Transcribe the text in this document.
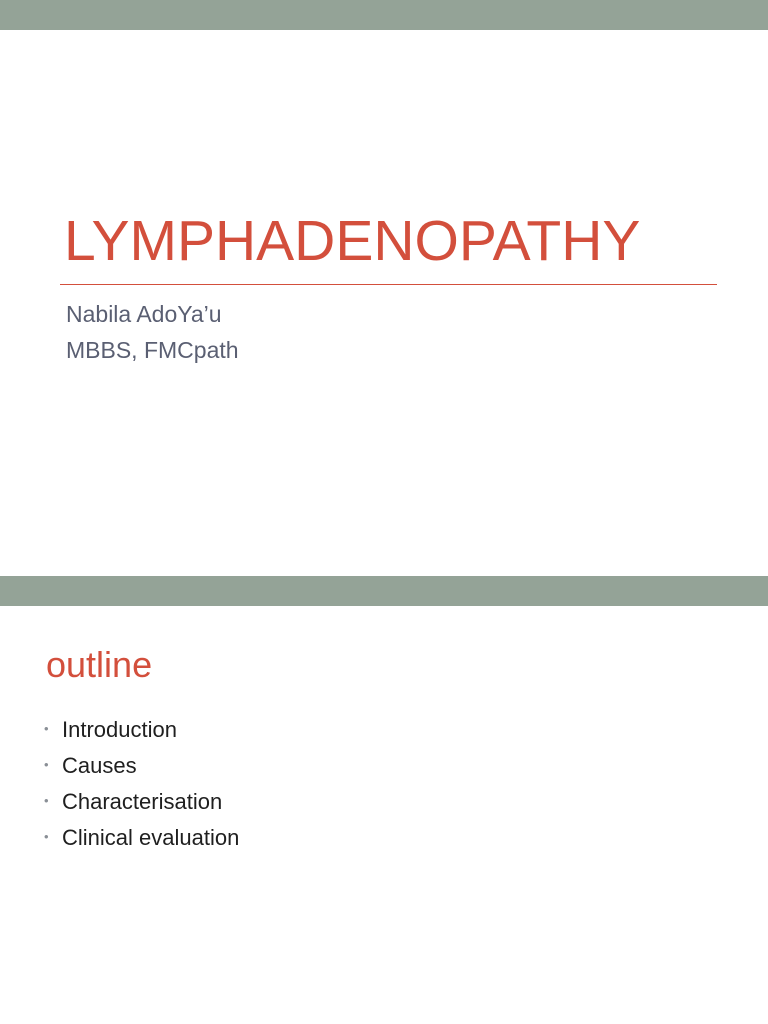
LYMPHADENOPATHY
Nabila AdoYa’u
MBBS, FMCpath
outline
• Introduction
• Causes
• Characterisation
• Clinical evaluation
